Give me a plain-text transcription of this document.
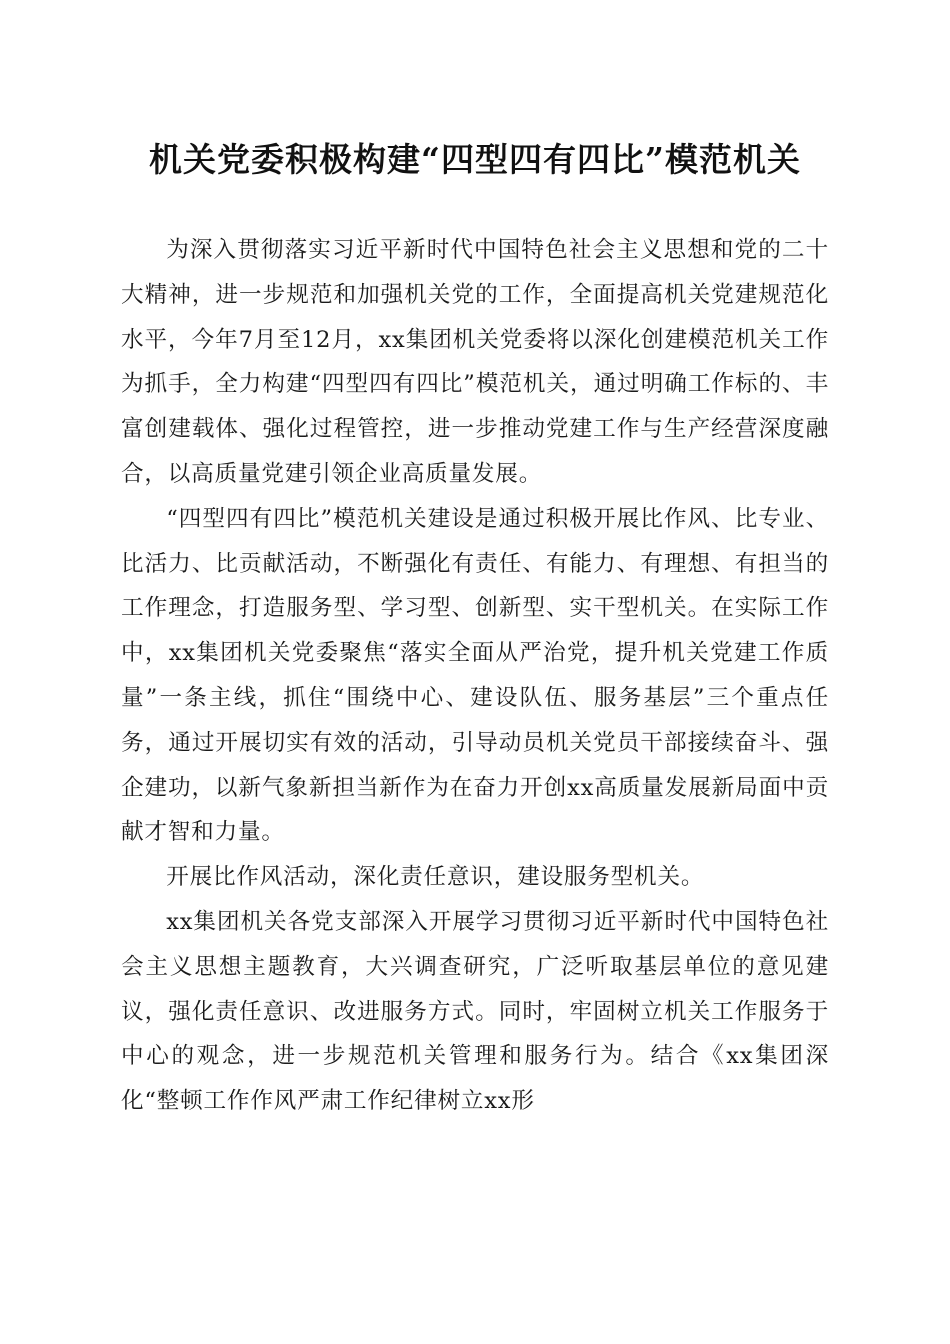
机关党委积极构建“四型四有四比”模范机关

为深入贯彻落实习近平新时代中国特色社会主义思想和党的二十大精神，进一步规范和加强机关党的工作，全面提高机关党建规范化水平，今年7月至12月，xx集团机关党委将以深化创建模范机关工作为抓手，全力构建“四型四有四比”模范机关，通过明确工作标的、丰富创建载体、强化过程管控，进一步推动党建工作与生产经营深度融合，以高质量党建引领企业高质量发展。

“四型四有四比”模范机关建设是通过积极开展比作风、比专业、比活力、比贡献活动，不断强化有责任、有能力、有理想、有担当的工作理念，打造服务型、学习型、创新型、实干型机关。在实际工作中，xx集团机关党委聚焦“落实全面从严治党，提升机关党建工作质量”一条主线，抓住“围绕中心、建设队伍、服务基层”三个重点任务，通过开展切实有效的活动，引导动员机关党员干部接续奋斗、强企建功，以新气象新担当新作为在奋力开创xx高质量发展新局面中贡献才智和力量。

开展比作风活动，深化责任意识，建设服务型机关。

xx集团机关各党支部深入开展学习贯彻习近平新时代中国特色社会主义思想主题教育，大兴调查研究，广泛听取基层单位的意见建议，强化责任意识、改进服务方式。同时，牢固树立机关工作服务于中心的观念，进一步规范机关管理和服务行为。结合《xx集团深化“整顿工作作风严肃工作纪律树立xx形
